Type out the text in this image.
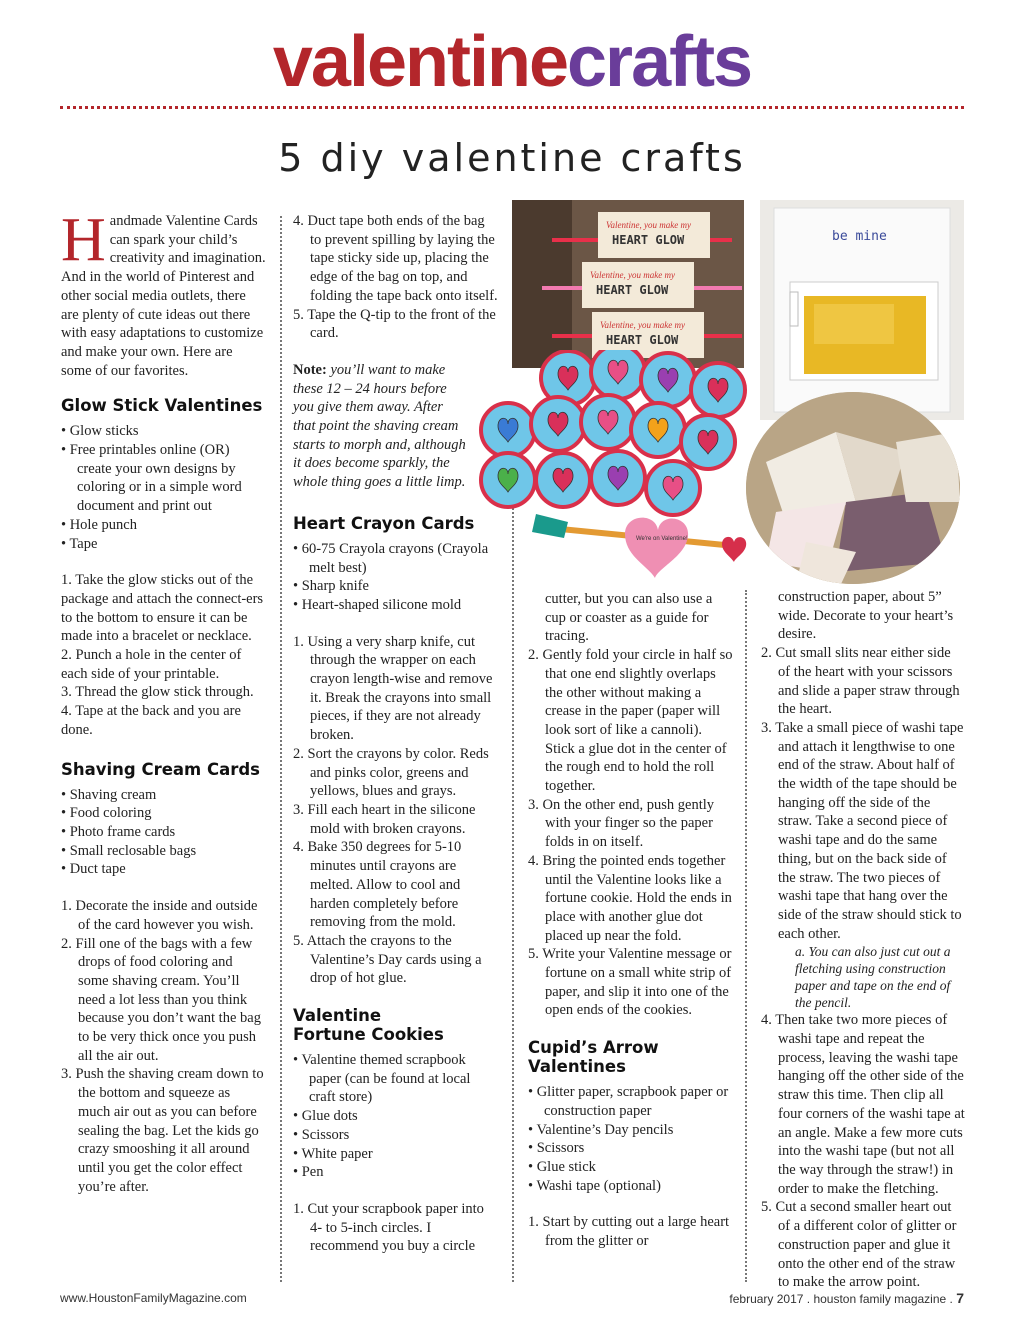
valentinecrafts
5 diy valentine crafts

Handmade Valentine Cards can spark your child’s creativity and imagination. And in the world of Pinterest and other social media outlets, there are plenty of cute ideas out there with easy adaptations to customize and make your own. Here are some of our favorites.

Glow Stick Valentines

• Glow sticks

• Free printables online (OR) create your own designs by coloring or in a simple word document and print out

• Hole punch

• Tape

1. Take the glow sticks out of the package and attach the connect-ers to the bottom to ensure it can be made into a bracelet or necklace.

2. Punch a hole in the center of each side of your printable.

3. Thread the glow stick through.

4. Tape at the back and you are done.

Shaving Cream Cards

• Shaving cream

• Food coloring

• Photo frame cards

• Small reclosable bags

• Duct tape

1. Decorate the inside and outside of the card however you wish.

2. Fill one of the bags with a few drops of food coloring and some shaving cream. You’ll need a lot less than you think because you don’t want the bag to be very thick once you push all the air out.

3. Push the shaving cream down to the bottom and squeeze as much air out as you can before sealing the bag. Let the kids go crazy smooshing it all around until you get the color effect you’re after.

4. Duct tape both ends of the bag to prevent spilling by laying the tape sticky side up, placing the edge of the bag on top, and folding the tape back onto itself.

5. Tape the Q-tip to the front of the card.

Note: you’ll want to make these 12 – 24 hours before you give them away. After that point the shaving cream starts to morph and, although it does become sparkly, the whole thing goes a little limp.

Heart Crayon Cards

• 60-75 Crayola crayons (Crayola melt best)

• Sharp knife

• Heart-shaped silicone mold

1. Using a very sharp knife, cut through the wrapper on each crayon length-wise and remove it. Break the crayons into small pieces, if they are not already broken.

2. Sort the crayons by color. Reds and pinks color, greens and yellows, blues and grays.

3. Fill each heart in the silicone mold with broken crayons.

4. Bake 350 degrees for 5-10 minutes until crayons are melted. Allow to cool and harden completely before removing from the mold.

5. Attach the crayons to the Valentine’s Day cards using a drop of hot glue.

Valentine
Fortune Cookies

• Valentine themed scrapbook paper (can be found at local craft store)

• Glue dots

• Scissors

• White paper

• Pen

1. Cut your scrapbook paper into 4- to 5-inch circles. I recommend you buy a circle

cutter, but you can also use a cup or coaster as a guide for tracing.

2. Gently fold your circle in half so that one end slightly overlaps the other without making a crease in the paper (paper will look sort of like a cannoli). Stick a glue dot in the center of the rough end to hold the roll together.

3. On the other end, push gently with your finger so the paper folds in on itself.

4. Bring the pointed ends together until the Valentine looks like a fortune cookie. Hold the ends in place with another glue dot placed up near the fold.

5. Write your Valentine message or fortune on a small white strip of paper, and slip it into one of the open ends of the cookies.

Cupid’s Arrow
Valentines

• Glitter paper, scrapbook paper or construction paper

• Valentine’s Day pencils

• Scissors

• Glue stick

• Washi tape (optional)

1. Start by cutting out a large heart from the glitter or

construction paper, about 5” wide. Decorate to your heart’s desire.

2. Cut small slits near either side of the heart with your scissors and slide a paper straw through the heart.

3. Take a small piece of washi tape and attach it lengthwise to one end of the straw. About half of the width of the tape should be hanging off the side of the straw. Take a second piece of washi tape and do the same thing, but on the back side of the straw. The two pieces of washi tape that hang over the side of the straw should stick to each other.

a. You can also just cut out a fletching using construction paper and tape on the end of the pencil.

4. Then take two more pieces of washi tape and repeat the process, leaving the washi tape hanging off the other side of the straw this time. Then clip all four corners of the washi tape at an angle. Make a few more cuts into the washi tape (but not all the way through the straw!) in order to make the fletching.

5. Cut a second smaller heart out of a different color of glitter or construction paper and glue it onto the other end of the straw to make the arrow point.

Valentine, you make my
HEART GLOW
Valentine, you make my
HEART GLOW
Valentine, you make my
HEART GLOW
be mine
We're on Valentine!
www.HoustonFamilyMagazine.com	february 2017 . houston family magazine . 7
